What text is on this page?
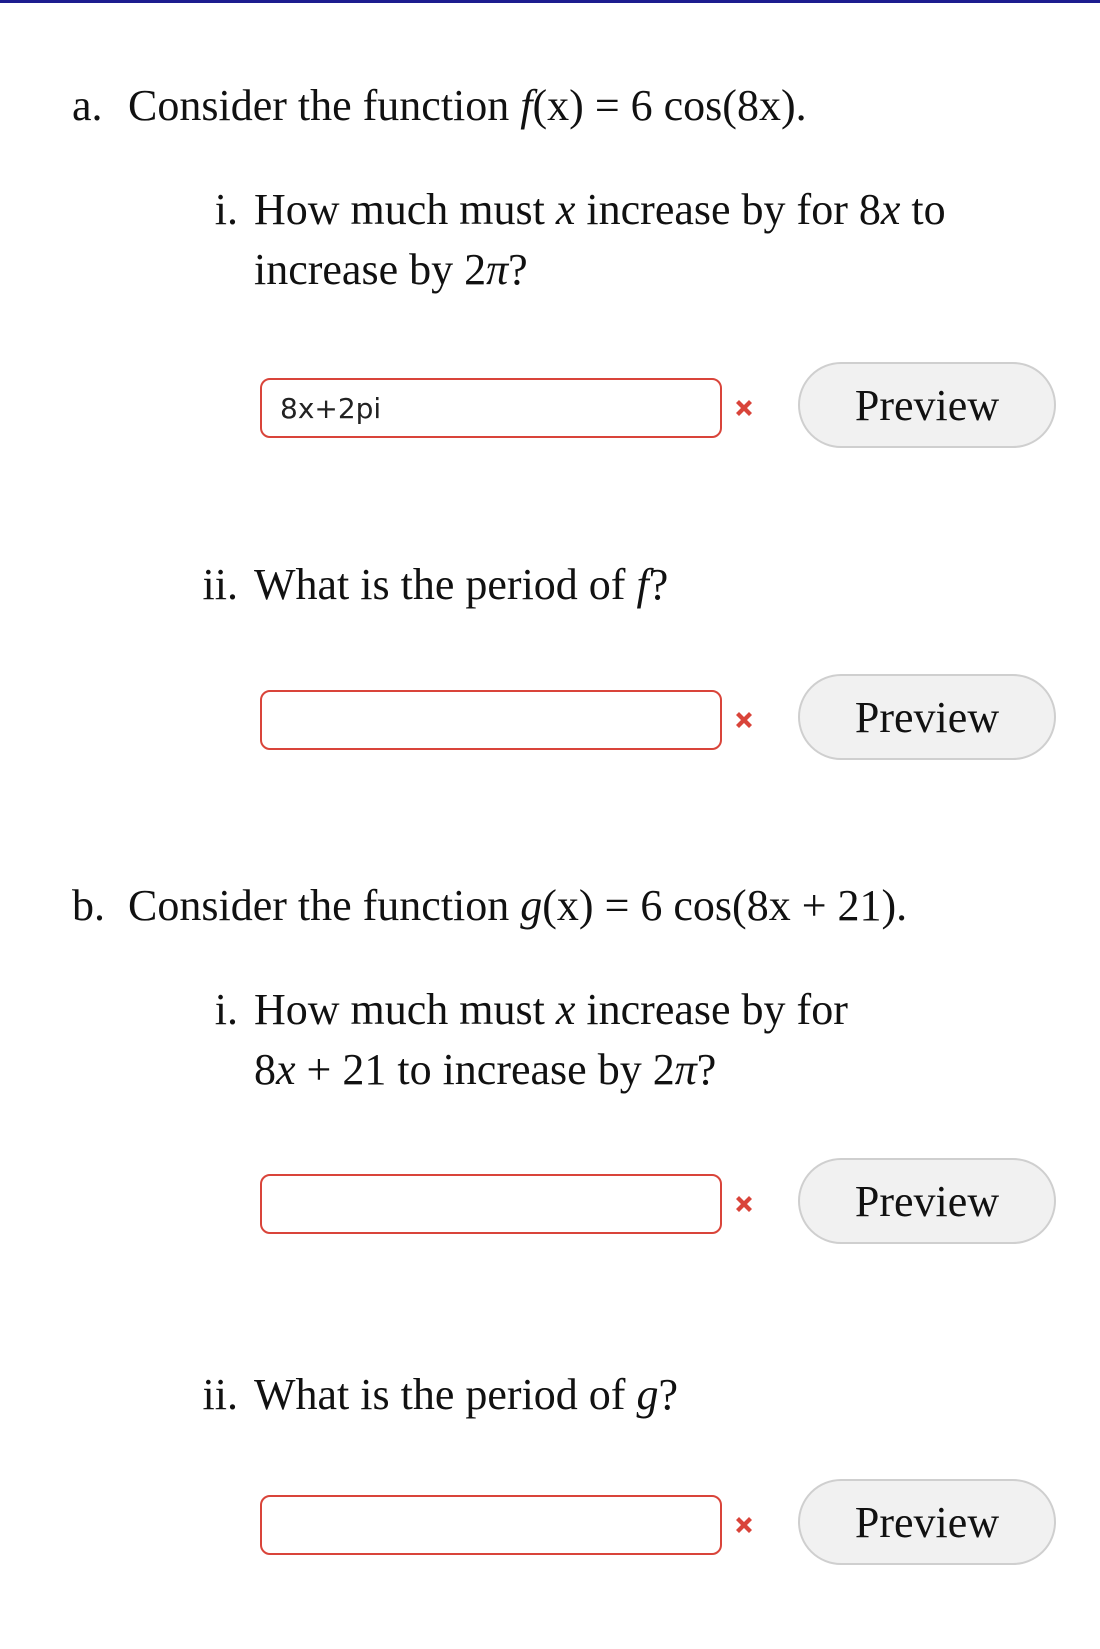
a. Consider the function f(x) = 6 cos(8x).
i. How much must x increase by for 8x to
increase by 2π?
8x+2pi
Preview
ii. What is the period of f?
Preview
b. Consider the function g(x) = 6 cos(8x + 21).
i. How much must x increase by for
8x + 21 to increase by 2π?
Preview
ii. What is the period of g?
Preview
